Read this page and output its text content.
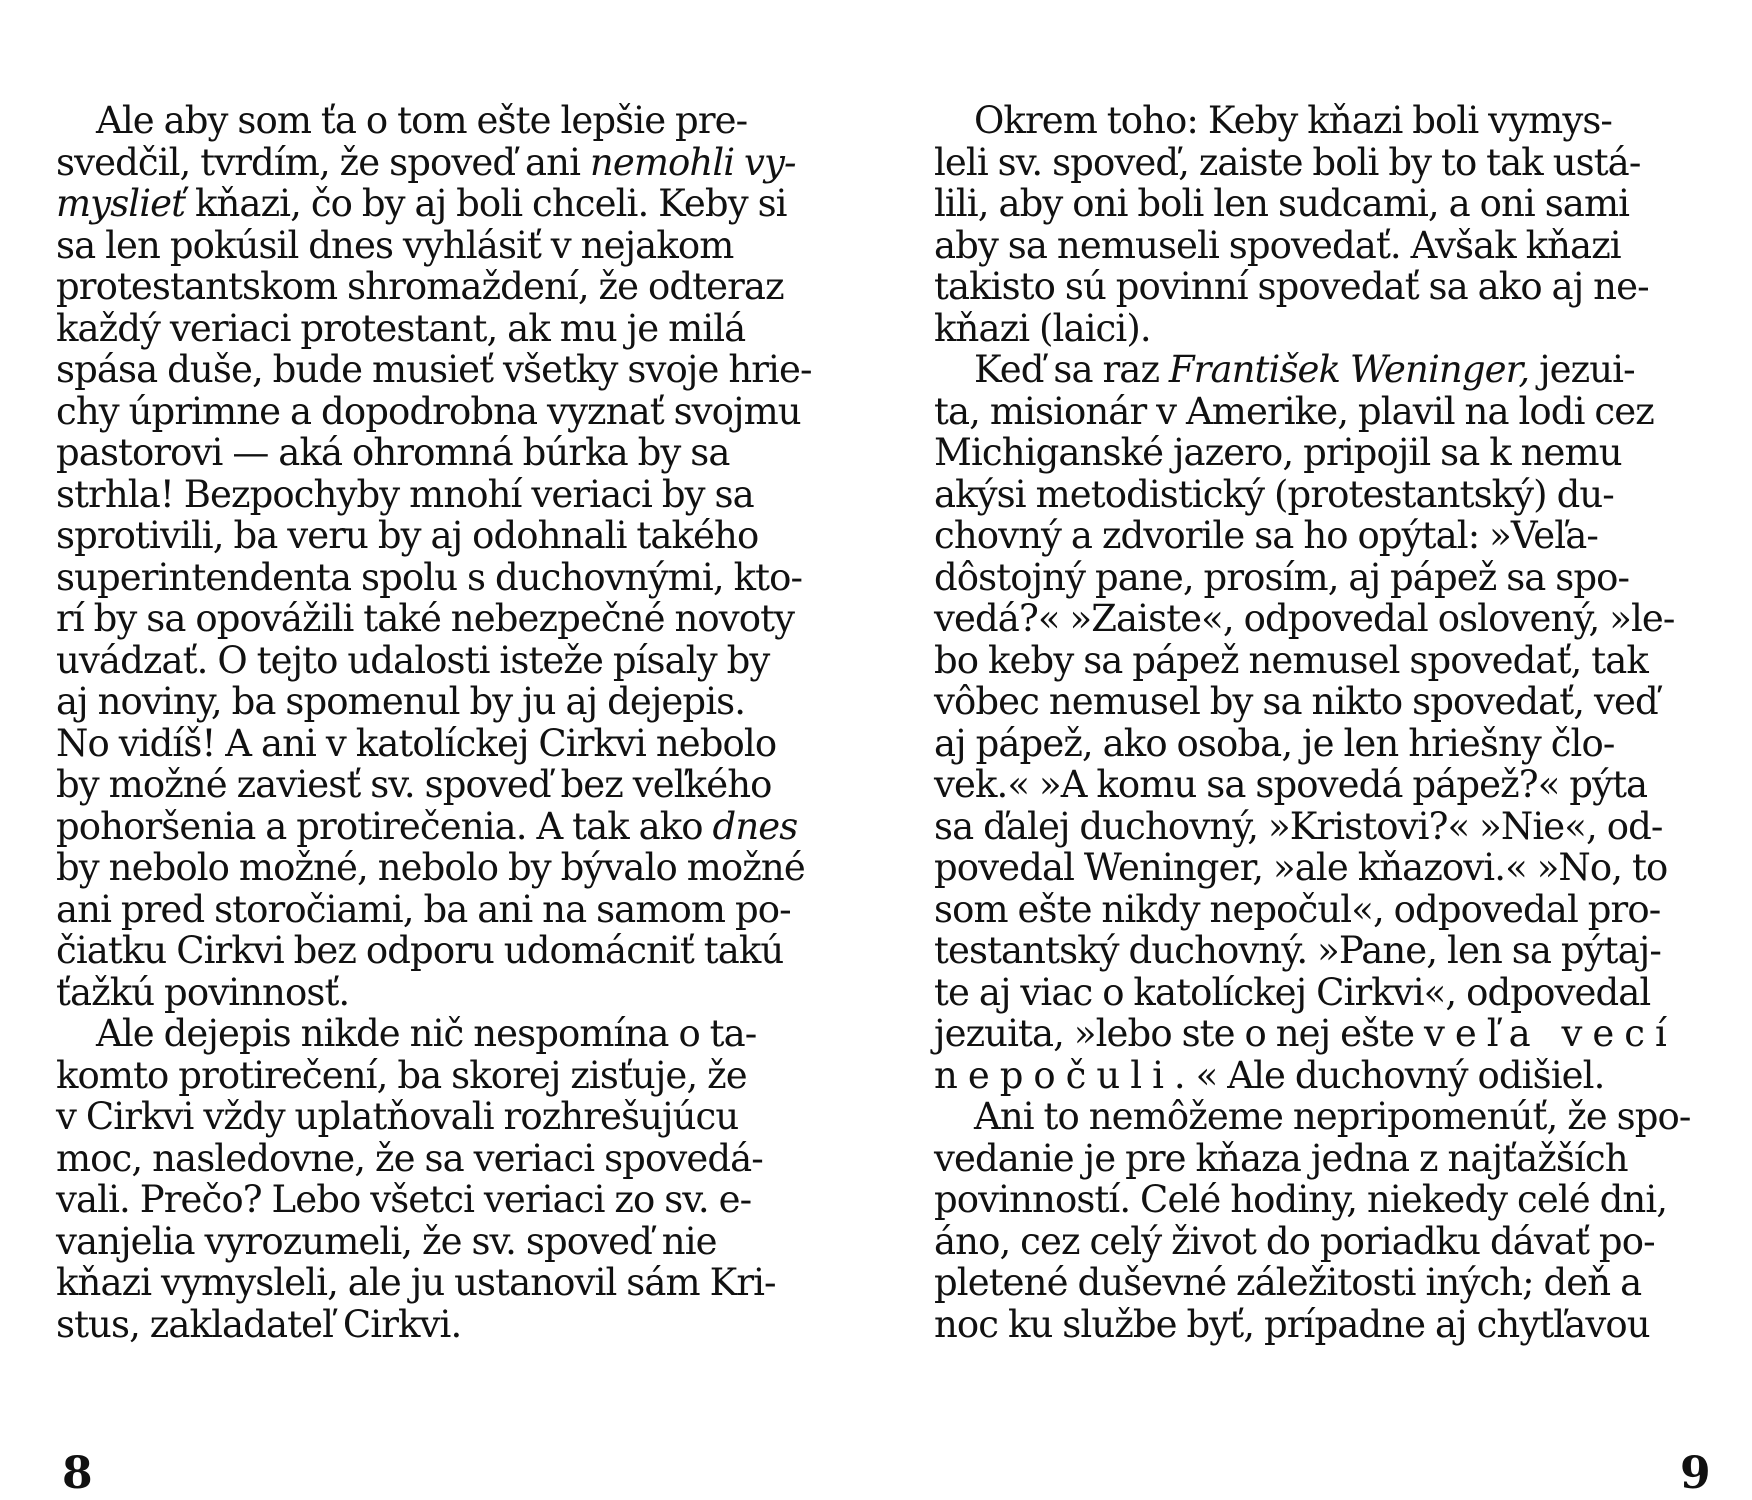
Ale aby som ťa o tom ešte lepšie pre-

svedčil, tvrdím, že spoveď ani nemohli vy-

myslieť kňazi, čo by aj boli chceli. Keby si

sa len pokúsil dnes vyhlásiť v nejakom

protestantskom shromaždení, že odteraz

každý veriaci protestant, ak mu je milá

spása duše, bude musieť všetky svoje hrie-

chy úprimne a dopodrobna vyznať svojmu

pastorovi — aká ohromná búrka by sa

strhla! Bezpochyby mnohí veriaci by sa

sprotivili, ba veru by aj odohnali takého

superintendenta spolu s duchovnými, kto-

rí by sa opovážili také nebezpečné novoty

uvádzať. O tejto udalosti isteže písaly by

aj noviny, ba spomenul by ju aj dejepis.

No vidíš! A ani v katolíckej Cirkvi nebolo

by možné zaviesť sv. spoveď bez veľkého

pohoršenia a protirečenia. A tak ako dnes

by nebolo možné, nebolo by bývalo možné

ani pred storočiami, ba ani na samom po-

čiatku Cirkvi bez odporu udomácniť takú

ťažkú povinnosť.

Ale dejepis nikde nič nespomína o ta-

komto protirečení, ba skorej zisťuje, že

v Cirkvi vždy uplatňovali rozhrešujúcu

moc, nasledovne, že sa veriaci spovedá-

vali. Prečo? Lebo všetci veriaci zo sv. e-

vanjelia vyrozumeli, že sv. spoveď nie

kňazi vymysleli, ale ju ustanovil sám Kri-

stus, zakladateľ Cirkvi.

Okrem toho: Keby kňazi boli vymys-

leli sv. spoveď, zaiste boli by to tak ustá-

lili, aby oni boli len sudcami, a oni sami

aby sa nemuseli spovedať. Avšak kňazi

takisto sú povinní spovedať sa ako aj ne-

kňazi (laici).

Keď sa raz František Weninger, jezui-

ta, misionár v Amerike, plavil na lodi cez

Michiganské jazero, pripojil sa k nemu

akýsi metodistický (protestantský) du-

chovný a zdvorile sa ho opýtal: »Veľa-

dôstojný pane, prosím, aj pápež sa spo-

vedá?« »Zaiste«, odpovedal oslovený, »le-

bo keby sa pápež nemusel spovedať, tak

vôbec nemusel by sa nikto spovedať, veď

aj pápež, ako osoba, je len hriešny člo-

vek.« »A komu sa spovedá pápež?« pýta

sa ďalej duchovný, »Kristovi?« »Nie«, od-

povedal Weninger, »ale kňazovi.« »No, to

som ešte nikdy nepočul«, odpovedal pro-

testantský duchovný. »Pane, len sa pýtaj-

te aj viac o katolíckej Cirkvi«, odpovedal

jezuita, »lebo ste o nej ešte veľa vecí

nepočuli.« Ale duchovný odišiel.

Ani to nemôžeme nepripomenúť, že spo-

vedanie je pre kňaza jedna z najťažších

povinností. Celé hodiny, niekedy celé dni,

áno, cez celý život do poriadku dávať po-

pletené duševné záležitosti iných; deň a

noc ku službe byť, prípadne aj chytľavou

8	9
